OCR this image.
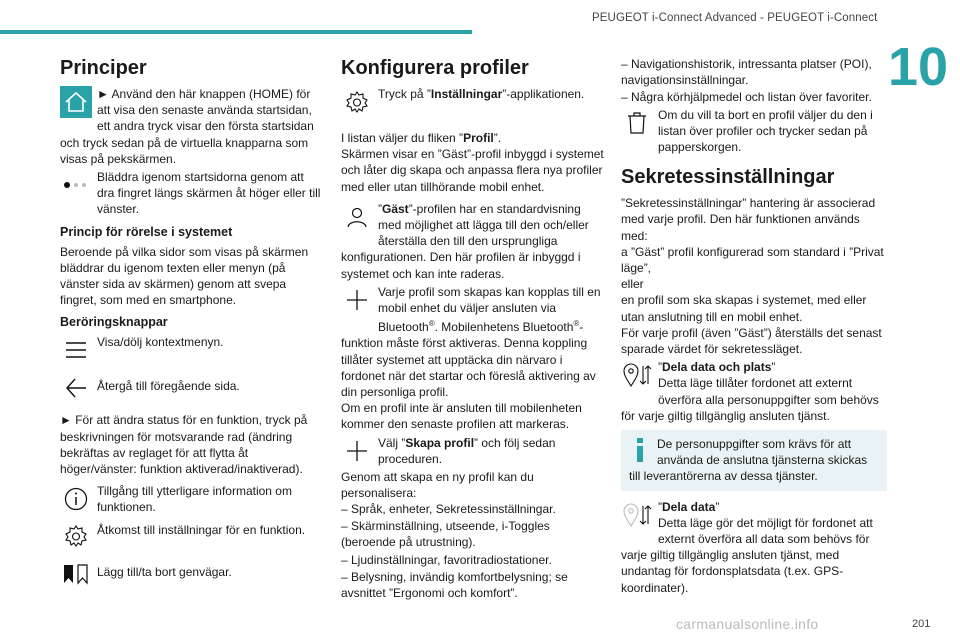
PEUGEOT i-Connect Advanced - PEUGEOT i-Connect
10
Principer
► Använd den här knappen (HOME) för att visa den senaste använda startsidan, ett andra tryck visar den första startsidan och tryck sedan på de virtuella knapparna som visas på pekskärmen.
Bläddra igenom startsidorna genom att dra fingret längs skärmen åt höger eller till vänster.
Princip för rörelse i systemet

Beroende på vilka sidor som visas på skärmen bläddrar du igenom texten eller menyn (på vänster sida av skärmen) genom att svepa fingret, som med en smartphone.

Beröringsknappar
Visa/dölj kontextmenyn.
Återgå till föregående sida.

► För att ändra status för en funktion, tryck på beskrivningen för motsvarande rad (ändring bekräftas av reglaget för att flytta åt höger/vänster: funktion aktiverad/inaktiverad).

Tillgång till ytterligare information om funktionen.
Åtkomst till inställningar för en funktion.
Lägg till/ta bort genvägar.
Konfigurera profiler
Tryck på ”Inställningar”-applikationen.

I listan väljer du fliken ”Profil”.

Skärmen visar en ”Gäst”-profil inbyggd i systemet och låter dig skapa och anpassa flera nya profiler med eller utan tillhörande mobil enhet.

”Gäst”-profilen har en standardvisning med möjlighet att lägga till den och/eller återställa den till den ursprungliga konfigurationen. Den här profilen är inbyggd i systemet och kan inte raderas.
Varje profil som skapas kan kopplas till en mobil enhet du väljer ansluten via Bluetooth®. Mobilenhetens Bluetooth®-funktion måste först aktiveras. Denna koppling tillåter systemet att upptäcka din närvaro i fordonet när det startar och föreslå aktivering av din personliga profil.

Om en profil inte är ansluten till mobilenheten kommer den senaste profilen att markeras.

Välj ”Skapa profil” och följ sedan proceduren.

Genom att skapa en ny profil kan du personalisera:

– Språk, enheter, Sekretessinställningar.
– Skärminställning, utseende, i-Toggles (beroende på utrustning).
– Ljudinställningar, favoritradiostationer.
– Belysning, invändig komfortbelysning; se avsnittet ”Ergonomi och komfort”.
– Navigationshistorik, intressanta platser (POI), navigationsinställningar.
– Några körhjälpmedel och listan över favoriter.
Om du vill ta bort en profil väljer du den i listan över profiler och trycker sedan på papperskorgen.
Sekretessinställningar

”Sekretessinställningar” hantering är associerad med varje profil. Den här funktionen används med:

a ”Gäst” profil konfigurerad som standard i ”Privat läge”,

eller

en profil som ska skapas i systemet, med eller utan anslutning till en mobil enhet.

För varje profil (även ”Gäst”) återställs det senast sparade värdet för sekretessläget.

”Dela data och plats”
Detta läge tillåter fordonet att externt överföra alla personuppgifter som behövs för varje giltig tillgänglig ansluten tjänst.
De personuppgifter som krävs för att använda de anslutna tjänsterna skickas till leverantörerna av dessa tjänster.
”Dela data”
Detta läge gör det möjligt för fordonet att externt överföra all data som behövs för varje giltig tillgänglig ansluten tjänst, med undantag för fordonsplatsdata (t.ex. GPS-koordinater).
carmanualsonline.info	201
